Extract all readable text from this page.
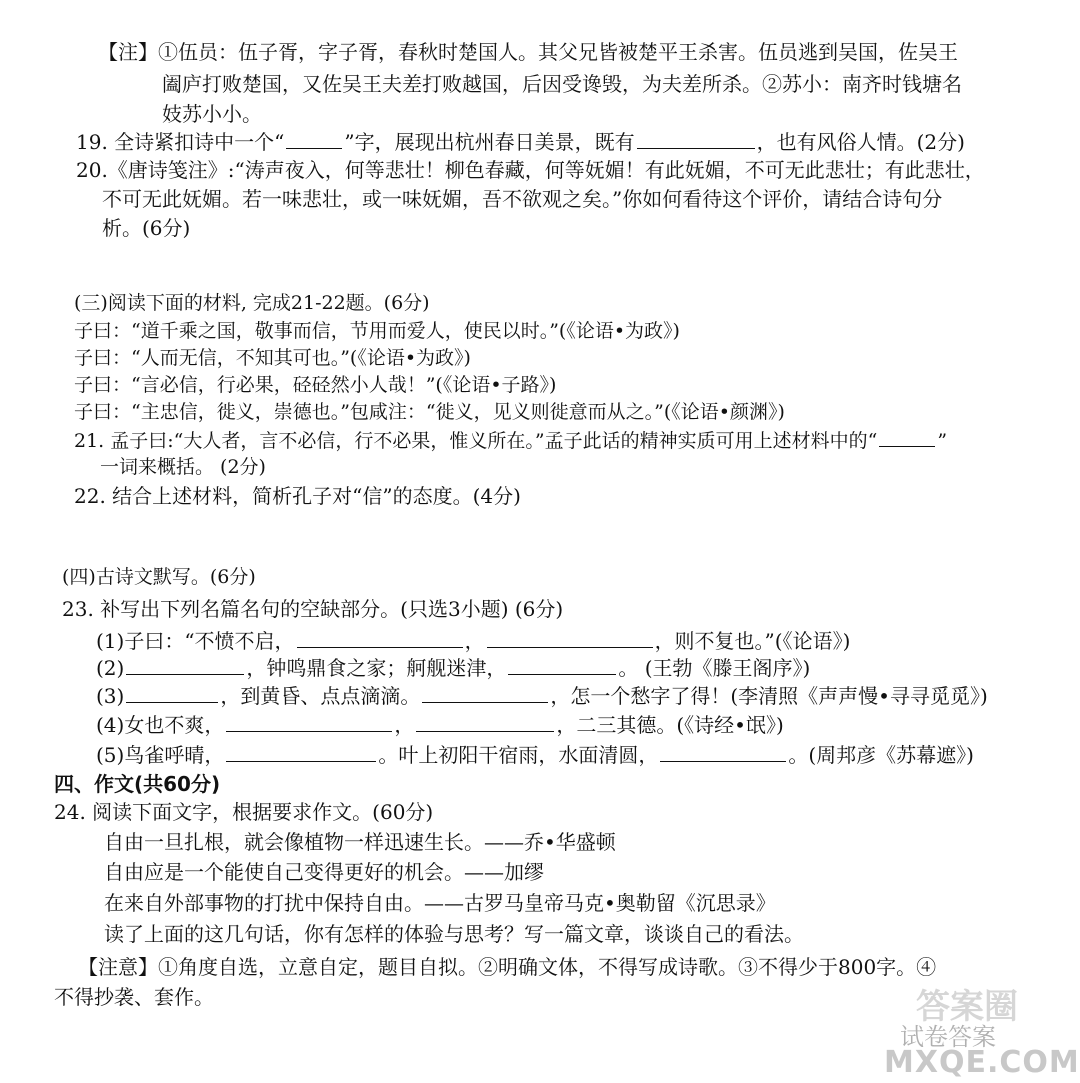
【注】①伍员：伍子胥，字子胥，春秋时楚国人。其父兄皆被楚平王杀害。伍员逃到吴国，佐吴王
阖庐打败楚国，又佐吴王夫差打败越国，后因受谗毁，为夫差所杀。②苏小：南齐时钱塘名
妓苏小小。
19. 全诗紧扣诗中一个“	”字，展现出杭州春日美景，既有	，也有风俗人情。(2分)
20.《唐诗笺注》:“涛声夜入，何等悲壮！柳色春藏，何等妩媚！有此妩媚，不可无此悲壮；有此悲壮，
不可无此妩媚。若一味悲壮，或一味妩媚，吾不欲观之矣。”你如何看待这个评价，请结合诗句分
析。(6分)
(三)阅读下面的材料, 完成21-22题。(6分)
子曰：“道千乘之国，敬事而信，节用而爱人，使民以时。”(《论语•为政》)
子曰：“人而无信，不知其可也。”(《论语•为政》)
子曰：“言必信，行必果，硁硁然小人哉！”(《论语•子路》)
子曰：“主忠信，徙义，崇德也。”包咸注：“徙义，见义则徙意而从之。”(《论语•颜渊》)
21. 孟子曰:“大人者，言不必信，行不必果，惟义所在。”孟子此话的精神实质可用上述材料中的“	”
一词来概括。 (2分)
22. 结合上述材料，简析孔子对“信”的态度。(4分)
(四)古诗文默写。(6分)
23. 补写出下列名篇名句的空缺部分。(只选3小题) (6分)
(1)子曰：“不愤不启，	，	，则不复也。”(《论语》)
(2)	，钟鸣鼎食之家；舸舰迷津，	。 (王勃《滕王阁序》)
(3)	，到黄昏、点点滴滴。	，怎一个愁字了得！(李清照《声声慢•寻寻觅觅》)
(4)女也不爽，	，	，二三其德。(《诗经•氓》)
(5)鸟雀呼晴，	。叶上初阳干宿雨，水面清圆，	。(周邦彦《苏幕遮》)
四、作文(共60分)
24. 阅读下面文字，根据要求作文。(60分)
自由一旦扎根，就会像植物一样迅速生长。——乔•华盛顿
自由应是一个能使自己变得更好的机会。——加缪
在来自外部事物的打扰中保持自由。——古罗马皇帝马克•奥勒留《沉思录》
读了上面的这几句话，你有怎样的体验与思考？写一篇文章，谈谈自己的看法。
【注意】①角度自选，立意自定，题目自拟。②明确文体，不得写成诗歌。③不得少于800字。④
不得抄袭、套作。	答案圈
试卷答案
MXQE.COM
